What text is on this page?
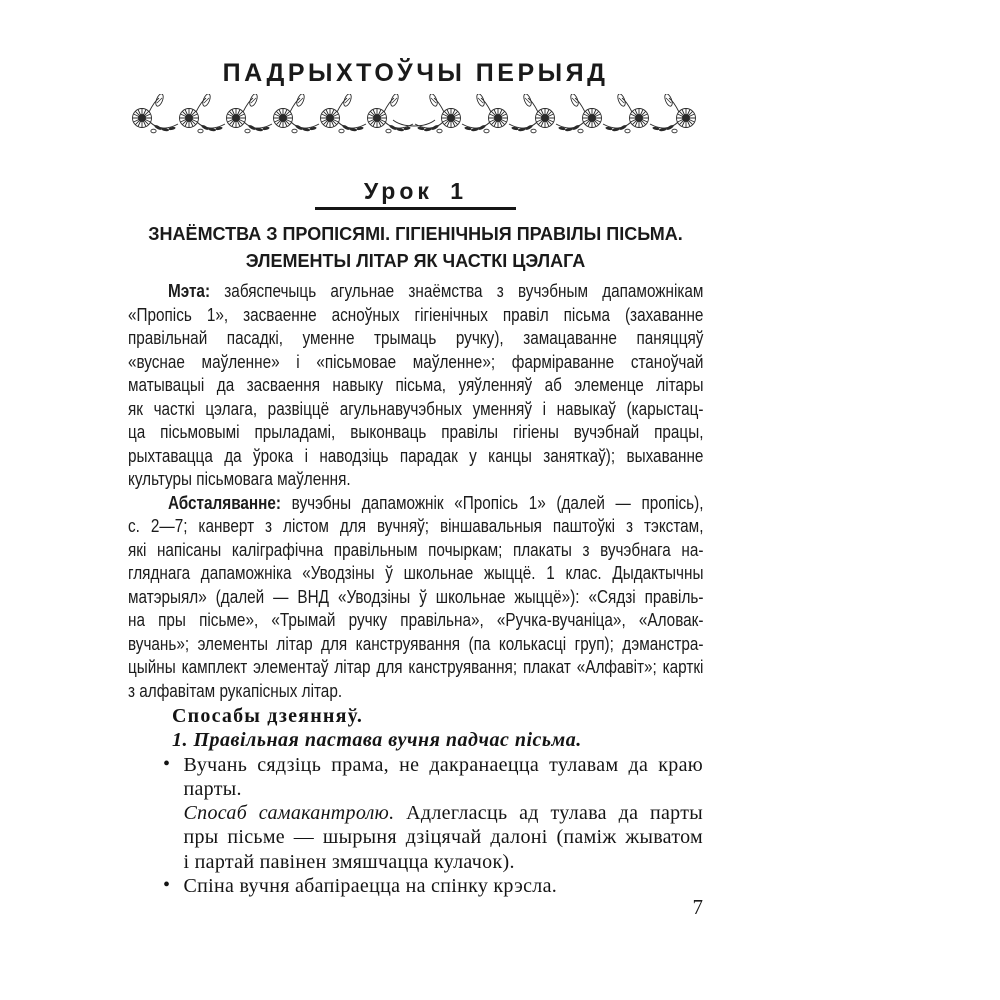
ПАДРЫХТОЎЧЫ ПЕРЫЯД
Урок 1
ЗНАЁМСТВА З ПРОПІСЯМІ. ГІГІЕНІЧНЫЯ ПРАВІЛЫ ПІСЬМА.
ЭЛЕМЕНТЫ ЛІТАР ЯК ЧАСТКІ ЦЭЛАГА
Мэта: забяспечыць агульнае знаёмства з вучэбным дапаможнікам
«Пропісь 1», засваенне асноўных гігіенічных правіл пісьма (захаванне
правільнай пасадкі, уменне трымаць ручку), замацаванне паняццяў
«вуснае маўленне» і «пісьмовае маўленне»; фарміраванне станоўчай
матывацыі да засваення навыку пісьма, уяўленняў аб элеменце літары
як часткі цэлага, развіццё агульнавучэбных уменняў і навыкаў (карыстац-
ца пісьмовымі прыладамі, выконваць правілы гігіены вучэбнай працы,
рыхтавацца да ўрока і наводзіць парадак у канцы заняткаў); выхаванне
культуры пісьмовага маўлення.
Абсталяванне: вучэбны дапаможнік «Пропісь 1» (далей — пропісь),
с. 2—7; канверт з лістом для вучняў; віншавальныя паштоўкі з тэкстам,
які напісаны каліграфічна правільным почыркам; плакаты з вучэбнага на-
гляднага дапаможніка «Уводзіны ў школьнае жыццё. 1 клас. Дыдактычны
матэрыял» (далей — ВНД «Уводзіны ў школьнае жыццё»): «Сядзі правіль-
на пры пісьме», «Трымай ручку правільна», «Ручка-вучаніца», «Аловак-
вучань»; элементы літар для канструявання (па колькасці груп); дэманстра-
цыйны камплект элементаў літар для канструявання; плакат «Алфавіт»; карткі
з алфавітам рукапісных літар.
Спосабы дзеянняў.
1. Правільная пастава вучня падчас пісьма.
• Вучань сядзіць прама, не дакранаецца тулавам да краю
парты.
Спосаб самакантролю. Адлегласць ад тулава да парты
пры пісьме — шырыня дзіцячай далоні (паміж жыватом
і партай павінен змяшчацца кулачок).
• Спіна вучня абапіраецца на спінку крэсла.
7
